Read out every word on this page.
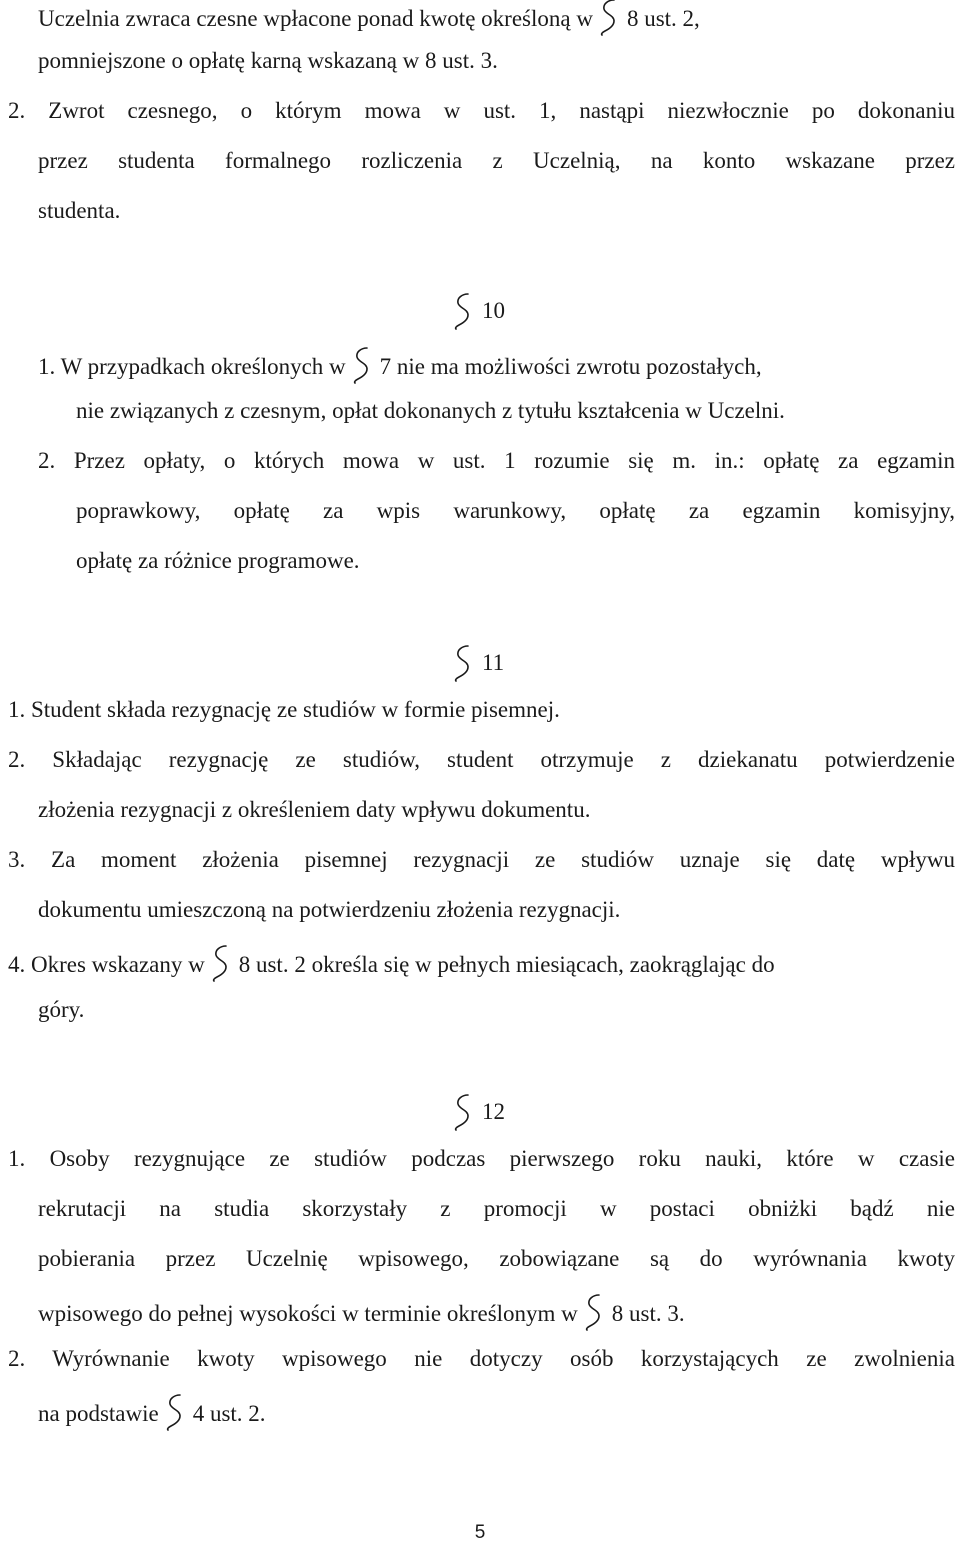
Uczelnia zwraca czesne wpłacone ponad kwotę określoną w 8 ust. 2,
pomniejszone o opłatę karną wskazaną w 8 ust. 3.
2. Zwrot czesnego, o którym mowa w ust. 1, nastąpi niezwłocznie po dokonaniu
przez studenta formalnego rozliczenia z Uczelnią, na konto wskazane przez
studenta.
10
1. W przypadkach określonych w 7 nie ma możliwości zwrotu pozostałych,
nie związanych z czesnym, opłat dokonanych z tytułu kształcenia w Uczelni.
2. Przez opłaty, o których mowa w ust. 1 rozumie się m. in.: opłatę za egzamin
poprawkowy, opłatę za wpis warunkowy, opłatę za egzamin komisyjny,
opłatę za różnice programowe.
11
1. Student składa rezygnację ze studiów w formie pisemnej.
2. Składając rezygnację ze studiów, student otrzymuje z dziekanatu potwierdzenie
złożenia rezygnacji z określeniem daty wpływu dokumentu.
3. Za moment złożenia pisemnej rezygnacji ze studiów uznaje się datę wpływu
dokumentu umieszczoną na potwierdzeniu złożenia rezygnacji.
4. Okres wskazany w 8 ust. 2 określa się w pełnych miesiącach, zaokrąglając do
góry.
12
1. Osoby rezygnujące ze studiów podczas pierwszego roku nauki, które w czasie
rekrutacji na studia skorzystały z promocji w postaci obniżki bądź nie
pobierania przez Uczelnię wpisowego, zobowiązane są do wyrównania kwoty
wpisowego do pełnej wysokości w terminie określonym w 8 ust. 3.
2. Wyrównanie kwoty wpisowego nie dotyczy osób korzystających ze zwolnienia
na podstawie 4 ust. 2.
5
